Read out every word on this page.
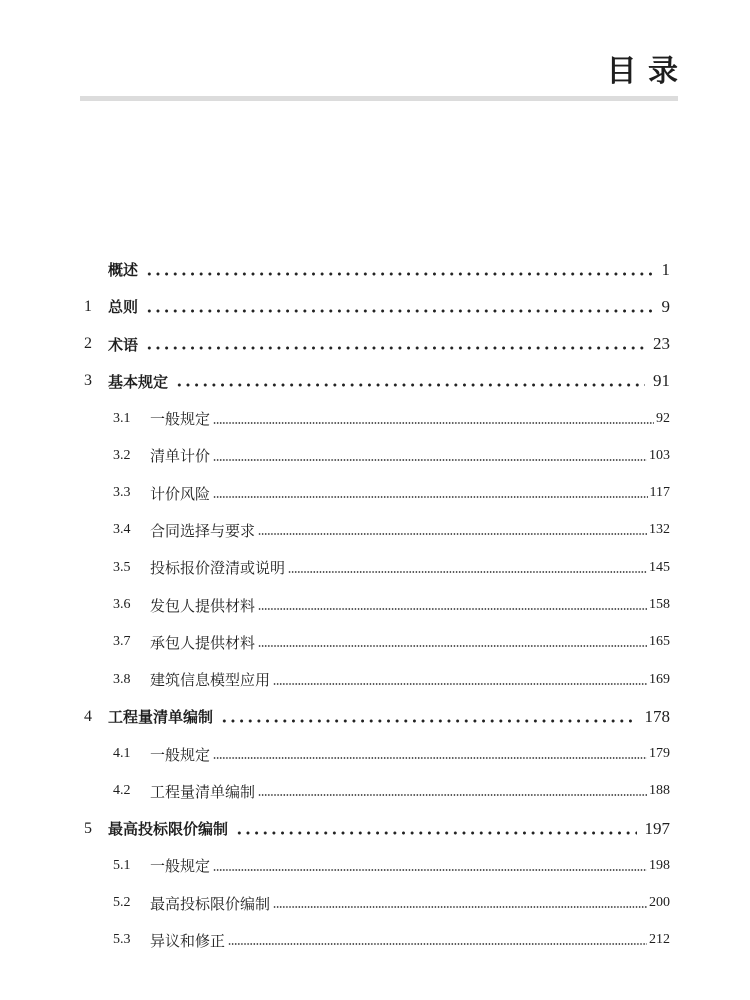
目 录
概述	1
1	总则	9
2	术语	23
3	基本规定	91
3.1	一般规定	92
3.2	清单计价	103
3.3	计价风险	117
3.4	合同选择与要求	132
3.5	投标报价澄清或说明	145
3.6	发包人提供材料	158
3.7	承包人提供材料	165
3.8	建筑信息模型应用	169
4	工程量清单编制	178
4.1	一般规定	179
4.2	工程量清单编制	188
5	最高投标限价编制	197
5.1	一般规定	198
5.2	最高投标限价编制	200
5.3	异议和修正	212
